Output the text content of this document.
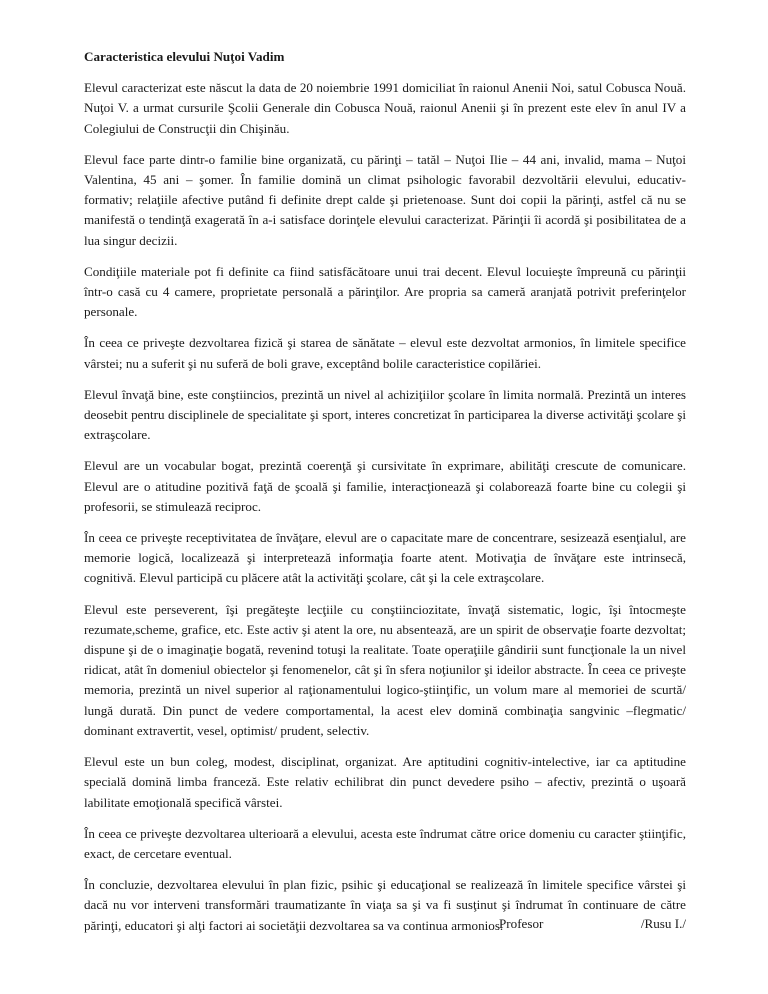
Caracteristica elevului Nuţoi Vadim

Elevul caracterizat este născut la data de 20 noiembrie 1991 domiciliat în raionul Anenii Noi, satul Cobusca Nouă. Nuţoi V. a urmat cursurile Şcolii Generale din Cobusca Nouă, raionul Anenii şi în prezent este elev în anul IV a Colegiului de Construcţii din Chişinău.

Elevul face parte dintr-o familie bine organizată, cu părinţi – tatăl – Nuţoi Ilie – 44 ani, invalid, mama – Nuţoi Valentina, 45 ani – şomer. În familie domină un climat psihologic favorabil dezvoltării elevului, educativ-formativ; relaţiile afective putând fi definite drept calde şi prietenoase. Sunt doi copii la părinţi, astfel că nu se manifestă o tendinţă exagerată în a-i satisface dorinţele elevului caracterizat. Părinţii îi acordă şi posibilitatea de a lua singur decizii.

Condiţiile materiale pot fi definite ca fiind satisfăcătoare unui trai decent. Elevul locuieşte împreună cu părinţii într-o casă cu 4 camere, proprietate personală a părinţilor. Are propria sa cameră aranjată potrivit preferinţelor personale.

În ceea ce priveşte dezvoltarea fizică şi starea de sănătate – elevul este dezvoltat armonios, în limitele specifice vârstei; nu a suferit şi nu suferă de boli grave, exceptând bolile caracteristice copilăriei.

Elevul învaţă bine, este conştiincios, prezintă un nivel al achiziţiilor şcolare în limita normală. Prezintă un interes deosebit pentru disciplinele de specialitate şi sport, interes concretizat în participarea la diverse activităţi şcolare şi extraşcolare.

Elevul are un vocabular bogat, prezintă coerenţă şi cursivitate în exprimare, abilităţi crescute de comunicare. Elevul are o atitudine pozitivă faţă de şcoală şi familie, interacţionează şi colaborează foarte bine cu colegii şi profesorii, se stimulează reciproc.

În ceea ce priveşte receptivitatea de învăţare, elevul are o capacitate mare de concentrare, sesizează esenţialul, are memorie logică, localizează şi interpretează informaţia foarte atent. Motivaţia de învăţare este intrinsecă, cognitivă. Elevul participă cu plăcere atât la activităţi şcolare, cât şi la cele extraşcolare.

Elevul este perseverent, îşi pregăteşte lecţiile cu conştiinciozitate, învaţă sistematic, logic, îşi întocmeşte rezumate,scheme, grafice, etc. Este activ şi atent la ore, nu absentează, are un spirit de observaţie foarte dezvoltat; dispune şi de o imaginaţie bogată, revenind totuşi la realitate. Toate operaţiile gândirii sunt funcţionale la un nivel ridicat, atât în domeniul obiectelor şi fenomenelor, cât şi în sfera noţiunilor şi ideilor abstracte. În ceea ce priveşte memoria, prezintă un nivel superior al raţionamentului logico-ştiinţific, un volum mare al memoriei de scurtă/ lungă durată. Din punct de vedere comportamental, la acest elev domină combinaţia sangvinic –flegmatic/ dominant extravertit, vesel, optimist/ prudent, selectiv.

Elevul este un bun coleg, modest, disciplinat, organizat. Are aptitudini cognitiv-intelective, iar ca aptitudine specială domină limba franceză. Este relativ echilibrat din punct devedere psiho – afectiv, prezintă o uşoară labilitate emoţională specifică vârstei.

În ceea ce priveşte dezvoltarea ulterioară a elevului, acesta este îndrumat către orice domeniu cu caracter ştiinţific, exact, de cercetare eventual.

În concluzie, dezvoltarea elevului în plan fizic, psihic şi educaţional se realizează în limitele specifice vârstei şi dacă nu vor interveni transformări traumatizante în viaţa sa şi va fi susţinut şi îndrumat în continuare de către părinţi, educatori şi alţi factori ai societăţii dezvoltarea sa va continua armonios.

Profesor	/Rusu I./
